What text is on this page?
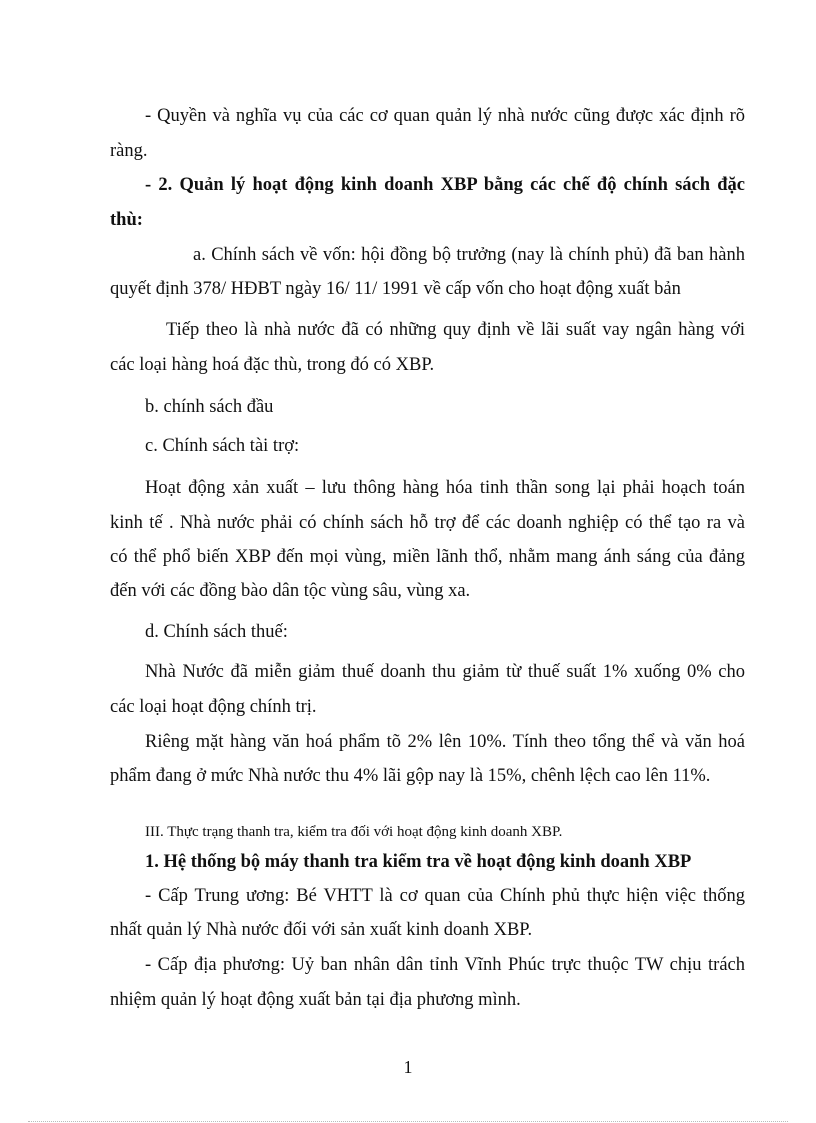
- Quyền và nghĩa vụ của các cơ quan quản lý nhà nước cũng được xác định rõ
ràng.
- 2. Quản lý hoạt động kinh doanh XBP bằng các chế độ chính sách đặc
thù:
a. Chính sách về vốn: hội đồng bộ trưởng (nay là chính phủ) đã ban hành
quyết định 378/ HĐBT ngày 16/ 11/ 1991 về cấp vốn cho hoạt động xuất bản
Tiếp theo là nhà nước đã có những quy định về lãi suất vay ngân hàng với
các loại hàng hoá đặc thù, trong đó có XBP.
b. chính sách đầu
c. Chính sách tài trợ:
Hoạt động xản xuất – lưu thông hàng hóa tinh thần song lại phải hoạch toán
kinh tế . Nhà nước phải có chính sách hỗ trợ để các doanh nghiệp có thể tạo ra và
có thể phổ biến XBP đến mọi vùng, miền lãnh thổ, nhằm mang ánh sáng của đảng
đến với các đồng bào dân tộc vùng sâu, vùng xa.
d. Chính sách thuế:
Nhà Nước đã miễn giảm thuế doanh thu giảm từ thuế suất 1% xuống 0% cho
các loại hoạt động chính trị.
Riêng mặt hàng văn hoá phẩm tõ 2% lên 10%. Tính theo tổng thể và văn hoá
phẩm đang ở mức Nhà nước thu 4% lãi gộp nay là 15%, chênh lệch cao lên 11%.
III. Thực trạng thanh tra, kiểm tra đối với hoạt động kinh doanh XBP.
1. Hệ thống bộ máy thanh tra kiểm tra về hoạt động kinh doanh XBP
- Cấp Trung ương: Bé VHTT là cơ quan của Chính phủ thực hiện việc thống
nhất quản lý Nhà nước đối với sản xuất kinh doanh XBP.
- Cấp địa phương: Uỷ ban nhân dân tỉnh Vĩnh Phúc trực thuộc TW chịu trách
nhiệm quản lý hoạt động xuất bản tại địa phương mình.
1
